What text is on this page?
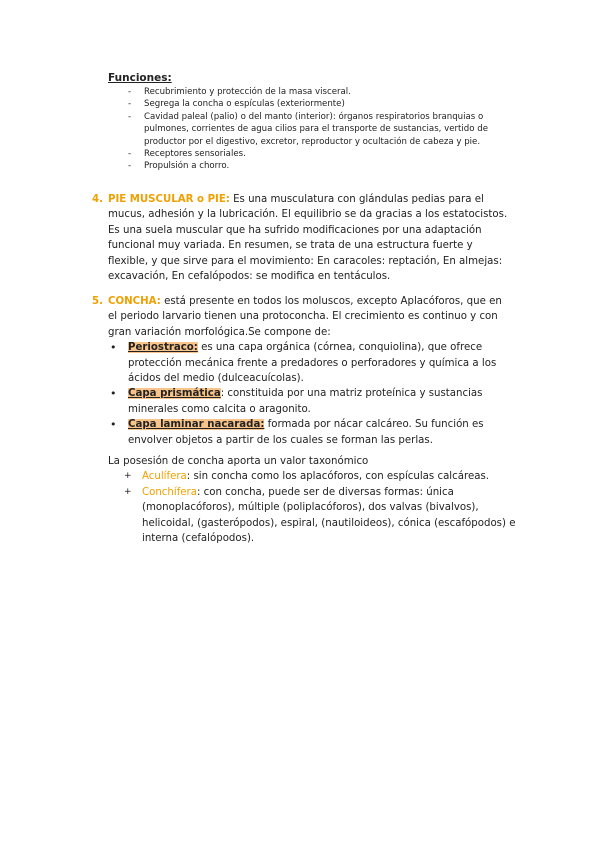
Funciones:
- Recubrimiento y protección de la masa visceral.
- Segrega la concha o espículas (exteriormente)
- Cavidad paleal (palio) o del manto (interior): órganos respiratorios branquias o pulmones, corrientes de agua cilios para el transporte de sustancias, vertido de productor por el digestivo, excretor, reproductor y ocultación de cabeza y pie.
- Receptores sensoriales.
- Propulsión a chorro.
4. PIE MUSCULAR o PIE: Es una musculatura con glándulas pedias para el mucus, adhesión y la lubricación. El equilibrio se da gracias a los estatocistos. Es una suela muscular que ha sufrido modificaciones por una adaptación funcional muy variada. En resumen, se trata de una estructura fuerte y flexible, y que sirve para el movimiento: En caracoles: reptación, En almejas: excavación, En cefalópodos: se modifica en tentáculos.
5. CONCHA: está presente en todos los moluscos, excepto Aplacóforos, que en el periodo larvario tienen una protoconcha. El crecimiento es continuo y con gran variación morfológica.Se compone de:
• Periostraco: es una capa orgánica (córnea, conquiolina), que ofrece protección mecánica frente a predadores o perforadores y química a los ácidos del medio (dulceacuícolas).
• Capa prismática: constituida por una matriz proteínica y sustancias minerales como calcita o aragonito.
• Capa laminar nacarada: formada por nácar calcáreo. Su función es envolver objetos a partir de los cuales se forman las perlas.
La posesión de concha aporta un valor taxonómico
+ Aculífera: sin concha como los aplacóforos, con espículas calcáreas.
+ Conchífera: con concha, puede ser de diversas formas: única (monoplacóforos), múltiple (poliplacóforos), dos valvas (bivalvos), helicoidal, (gasterópodos), espiral, (nautiloideos), cónica (escafópodos) e interna (cefalópodos).
